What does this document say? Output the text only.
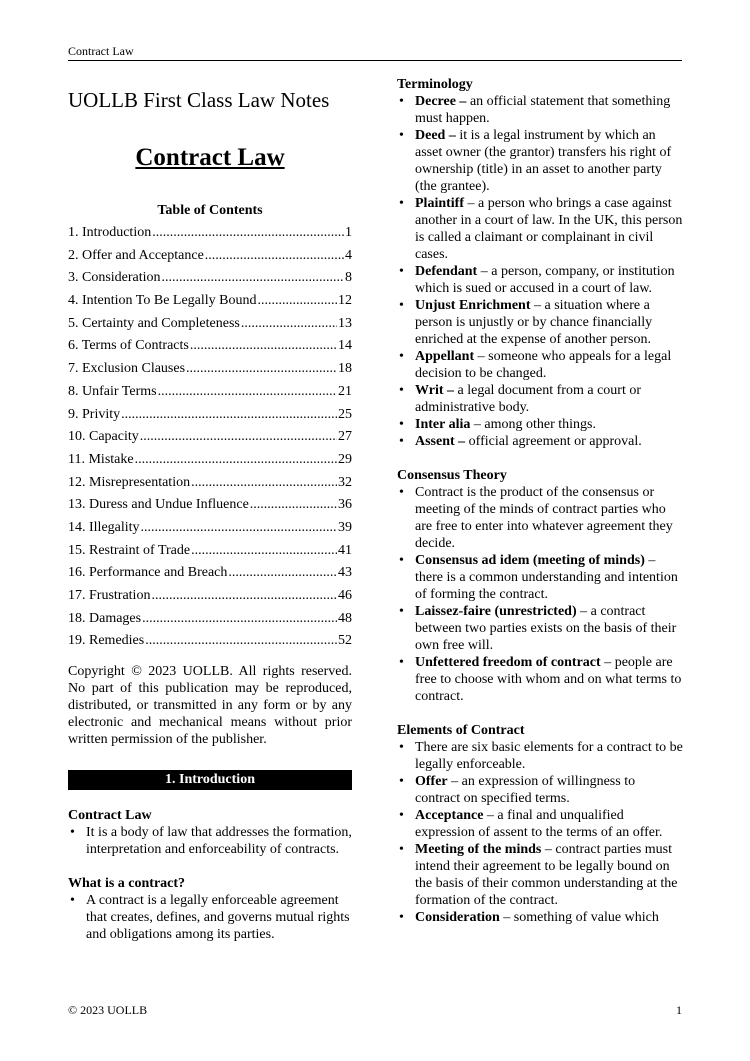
Contract Law
UOLLB First Class Law Notes
Contract Law
Table of Contents
1. Introduction .....	1
2. Offer and Acceptance .....	4
3. Consideration .....	8
4. Intention To Be Legally Bound .....	12
5. Certainty and Completeness .....	13
6. Terms of Contracts .....	14
7. Exclusion Clauses .....	18
8. Unfair Terms .....	21
9. Privity .....	25
10. Capacity .....	27
11. Mistake .....	29
12. Misrepresentation .....	32
13. Duress and Undue Influence .....	36
14. Illegality .....	39
15. Restraint of Trade .....	41
16. Performance and Breach .....	43
17. Frustration .....	46
18. Damages .....	48
19. Remedies .....	52
Copyright © 2023 UOLLB. All rights reserved. No part of this publication may be reproduced, distributed, or transmitted in any form or by any electronic and mechanical means without prior written permission of the publisher.
1. Introduction
Contract Law
• It is a body of law that addresses the formation, interpretation and enforceability of contracts.
What is a contract?
• A contract is a legally enforceable agreement that creates, defines, and governs mutual rights and obligations among its parties.
Terminology
• Decree – an official statement that something must happen.
• Deed – it is a legal instrument by which an asset owner (the grantor) transfers his right of ownership (title) in an asset to another party (the grantee).
• Plaintiff – a person who brings a case against another in a court of law. In the UK, this person is called a claimant or complainant in civil cases.
• Defendant – a person, company, or institution which is sued or accused in a court of law.
• Unjust Enrichment – a situation where a person is unjustly or by chance financially enriched at the expense of another person.
• Appellant – someone who appeals for a legal decision to be changed.
• Writ – a legal document from a court or administrative body.
• Inter alia – among other things.
• Assent – official agreement or approval.
Consensus Theory
• Contract is the product of the consensus or meeting of the minds of contract parties who are free to enter into whatever agreement they decide.
• Consensus ad idem (meeting of minds) – there is a common understanding and intention of forming the contract.
• Laissez-faire (unrestricted) – a contract between two parties exists on the basis of their own free will.
• Unfettered freedom of contract – people are free to choose with whom and on what terms to contract.
Elements of Contract
• There are six basic elements for a contract to be legally enforceable.
• Offer – an expression of willingness to contract on specified terms.
• Acceptance – a final and unqualified expression of assent to the terms of an offer.
• Meeting of the minds – contract parties must intend their agreement to be legally bound on the basis of their common understanding at the formation of the contract.
• Consideration – something of value which
© 2023 UOLLB	1
